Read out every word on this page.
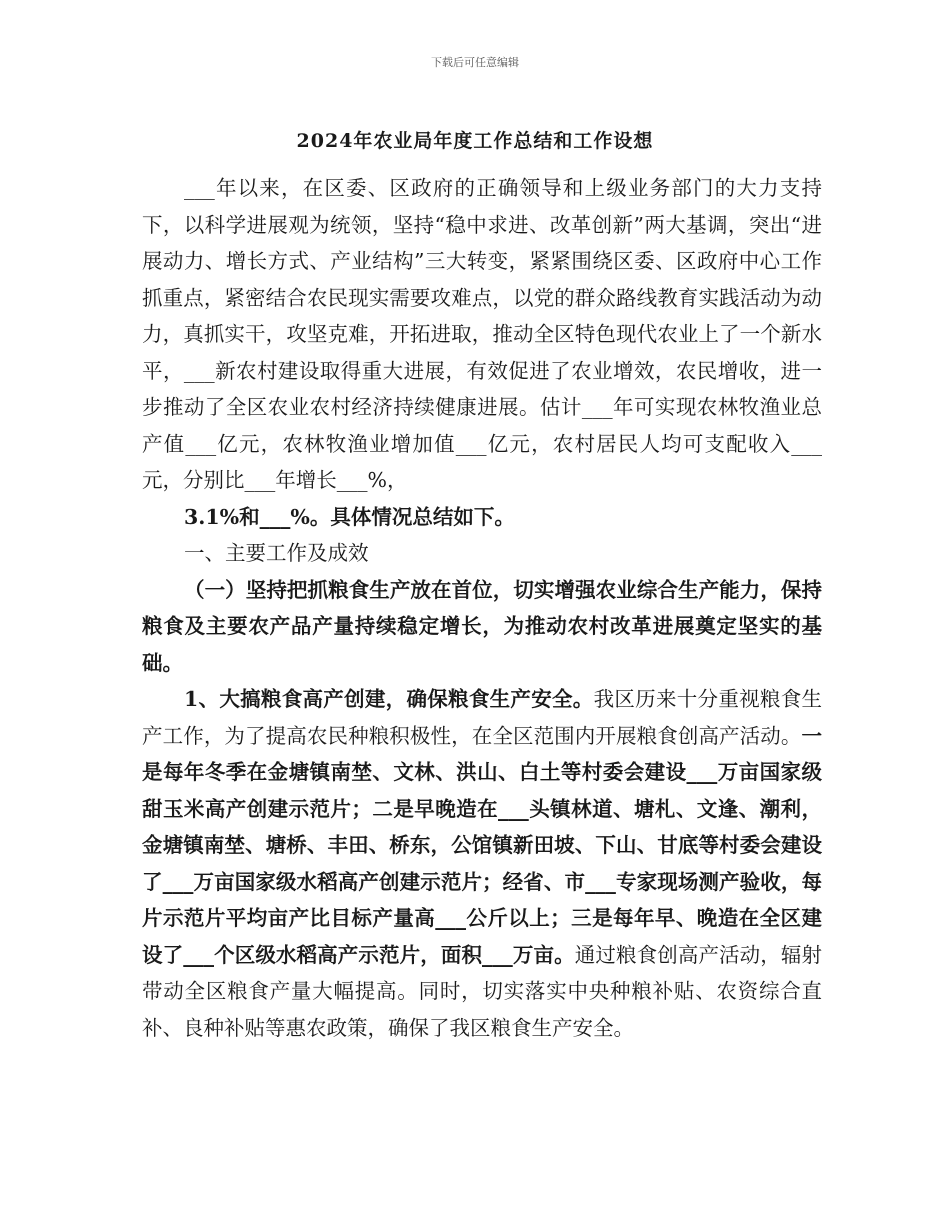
下载后可任意编辑
2024年农业局年度工作总结和工作设想

___年以来，在区委、区政府的正确领导和上级业务部门的大力支持下，以科学进展观为统领，坚持“稳中求进、改革创新”两大基调，突出“进展动力、增长方式、产业结构”三大转变，紧紧围绕区委、区政府中心工作抓重点，紧密结合农民现实需要攻难点，以党的群众路线教育实践活动为动力，真抓实干，攻坚克难，开拓进取，推动全区特色现代农业上了一个新水平，___新农村建设取得重大进展，有效促进了农业增效，农民增收，进一步推动了全区农业农村经济持续健康进展。估计___年可实现农林牧渔业总产值___亿元，农林牧渔业增加值___亿元，农村居民人均可支配收入___元，分别比___年增长___%，

3.1%和___%。具体情况总结如下。

一、主要工作及成效

（一）坚持把抓粮食生产放在首位，切实增强农业综合生产能力，保持粮食及主要农产品产量持续稳定增长，为推动农村改革进展奠定坚实的基础。

1、大搞粮食高产创建，确保粮食生产安全。我区历来十分重视粮食生产工作，为了提高农民种粮积极性，在全区范围内开展粮食创高产活动。一是每年冬季在金塘镇南埜、文林、洪山、白土等村委会建设___万亩国家级甜玉米高产创建示范片；二是早晚造在___头镇林道、塘札、文逢、潮利，金塘镇南埜、塘桥、丰田、桥东，公馆镇新田坡、下山、甘底等村委会建设了___万亩国家级水稻高产创建示范片；经省、市___专家现场测产验收，每片示范片平均亩产比目标产量高___公斤以上；三是每年早、晚造在全区建设了___个区级水稻高产示范片，面积___万亩。通过粮食创高产活动，辐射带动全区粮食产量大幅提高。同时，切实落实中央种粮补贴、农资综合直补、良种补贴等惠农政策，确保了我区粮食生产安全。
